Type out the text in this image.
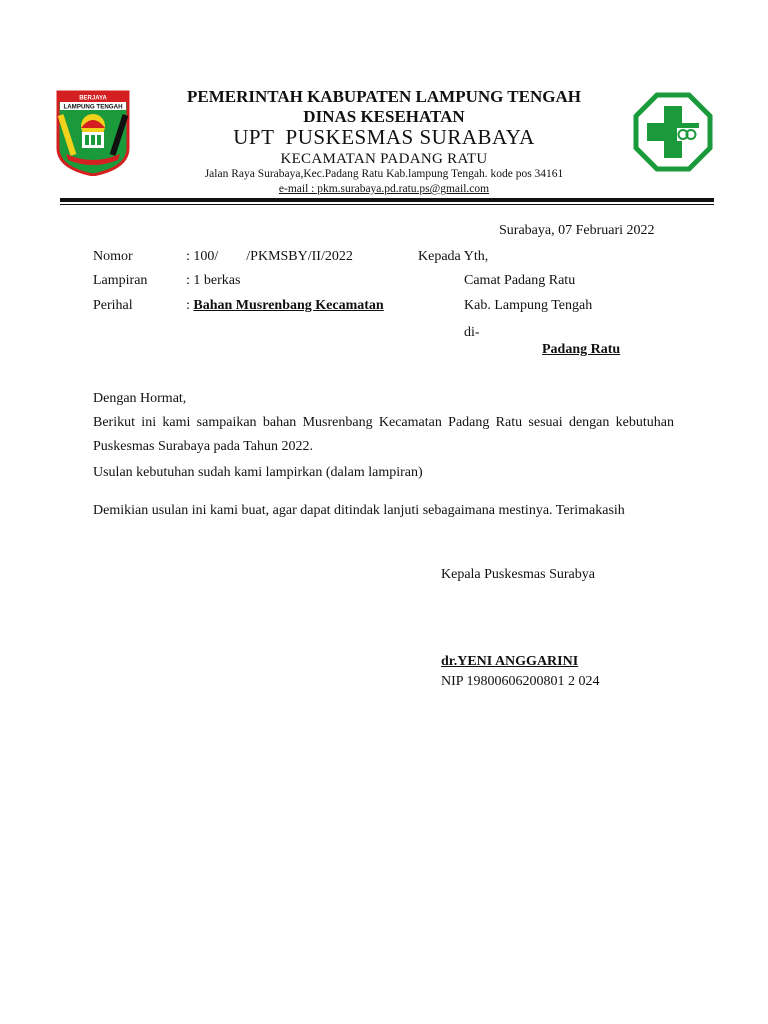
LAMPUNG TENGAH
BERJAYA	PEMERINTAH KABUPATEN LAMPUNG TENGAH
DINAS KESEHATAN
UPT  PUSKESMAS SURABAYA
KECAMATAN PADANG RATU
Jalan Raya Surabaya,Kec.Padang Ratu Kab.lampung Tengah. kode pos 34161
e-mail : pkm.surabaya.pd.ratu.ps@gmail.com
Surabaya, 07 Februari 2022
Nomor	: 100/        /PKMSBY/II/2022
Lampiran	: 1 berkas
Perihal	: Bahan Musrenbang Kecamatan
Kepada Yth,
Camat Padang Ratu
Kab. Lampung Tengah
di-
Padang Ratu
Dengan Hormat,
Berikut ini kami sampaikan bahan Musrenbang Kecamatan Padang Ratu sesuai dengan kebutuhan Puskesmas Surabaya pada Tahun 2022.
Usulan kebutuhan sudah kami lampirkan (dalam lampiran)
Demikian usulan ini kami buat, agar dapat ditindak lanjuti sebagaimana mestinya. Terimakasih
Kepala Puskesmas Surabya
dr.YENI ANGGARINI
NIP 19800606200801 2 024
